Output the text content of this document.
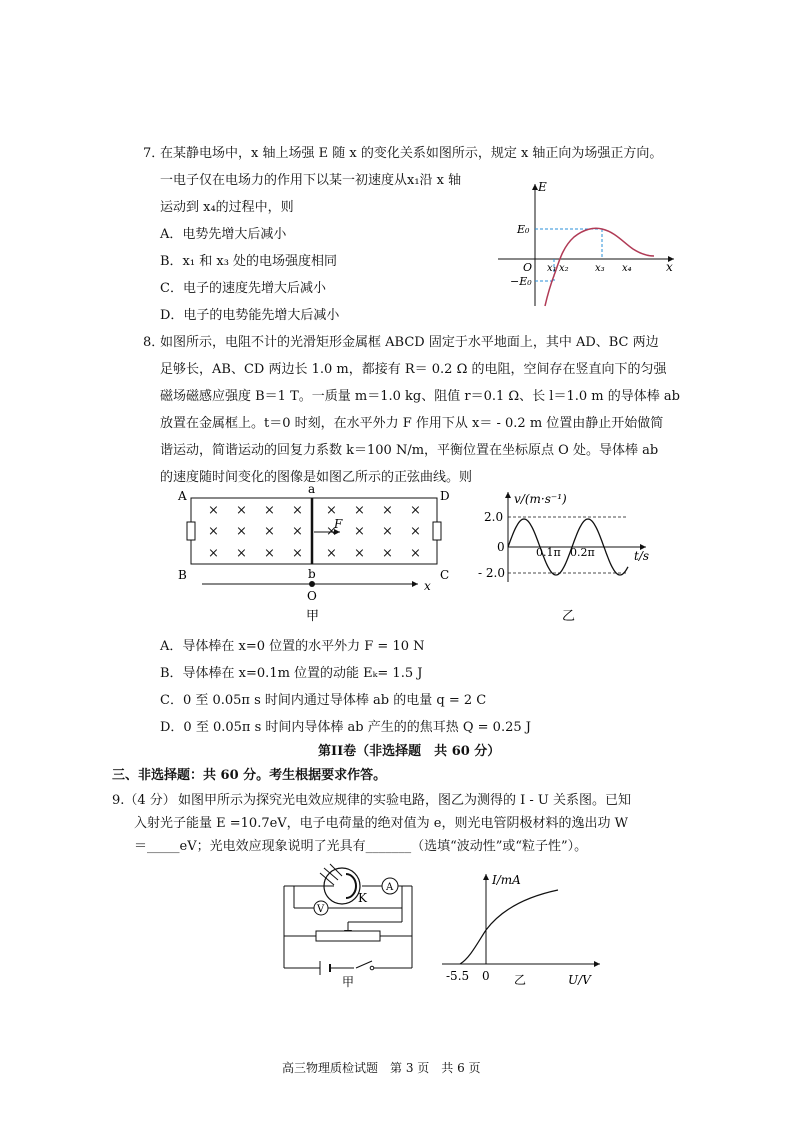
7．
在某静电场中，x 轴上场强 E 随 x 的变化关系如图所示，规定 x 轴正向为场强正方向。
一电子仅在电场力的作用下以某一初速度从x₁沿 x 轴
运动到 x₄的过程中，则
A．电势先增大后减小
B．x₁ 和 x₃ 处的电场强度相同
C．电子的速度先增大后减小
D．电子的电势能先增大后减小
E
x
O
E₀
−E₀
x₁ x₂	x₃ x₄
8．
如图所示，电阻不计的光滑矩形金属框 ABCD 固定于水平地面上，其中 AD、BC 两边
足够长，AB、CD 两边长 1.0 m，都接有 R＝ 0.2 Ω 的电阻，空间存在竖直向下的匀强
磁场磁感应强度 B＝1 T。一质量 m＝1.0 kg、阻值 r＝0.1 Ω、长 l＝1.0 m 的导体棒 ab
放置在金属框上。t＝0 时刻，在水平外力 F 作用下从 x＝ - 0.2 m 位置由静止开始做简
谐运动，简谐运动的回复力系数 k＝100 N/m，平衡位置在坐标原点 O 处。导体棒 ab
的速度随时间变化的图像是如图乙所示的正弦曲线。则
× × × × × × × ×
× × × × × × × ×
× × × × × × × ×
F
A
B	C
D
a
b
O
x
甲
v/(m·s⁻¹)
t/s
2.0
0
- 2.0
0.1π 0.2π
乙
A．导体棒在 x=0 位置的水平外力 F = 10 N
B．导体棒在 x=0.1m 位置的动能 Eₖ= 1.5 J
C．0 至 0.05π s 时间内通过导体棒 ab 的电量 q = 2 C
D．0 至 0.05π s 时间内导体棒 ab 产生的的焦耳热 Q = 0.25 J
第II卷（非选择题　共 60 分）
三、非选择题：共 60 分。考生根据要求作答。
9.（4 分） 如图甲所示为探究光电效应规律的实验电路，图乙为测得的 I - U 关系图。已知
入射光子能量 E =10.7eV，电子电荷量的绝对值为 e，则光电管阴极材料的逸出功 W
＝_____eV；光电效应现象说明了光具有_______（选填“波动性”或“粒子性”）。
A
V
K
甲
I/mA
U/V
-5.5 0 乙
高三物理质检试题　第 3 页　共 6 页
